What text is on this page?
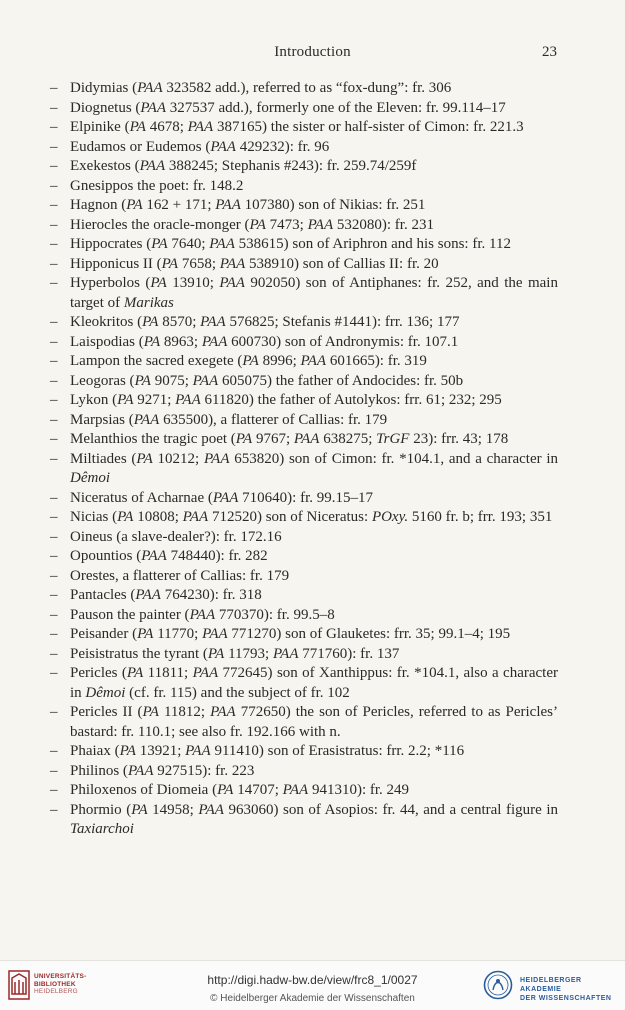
Introduction	23
– Didymias (PAA 323582 add.), referred to as “fox-dung”: fr. 306
– Diognetus (PAA 327537 add.), formerly one of the Eleven: fr. 99.114–17
– Elpinike (PA 4678; PAA 387165) the sister or half-sister of Cimon: fr. 221.3
– Eudamos or Eudemos (PAA 429232): fr. 96
– Exekestos (PAA 388245; Stephanis #243): fr. 259.74/259f
– Gnesippos the poet: fr. 148.2
– Hagnon (PA 162 + 171; PAA 107380) son of Nikias: fr. 251
– Hierocles the oracle-monger (PA 7473; PAA 532080): fr. 231
– Hippocrates (PA 7640; PAA 538615) son of Ariphron and his sons: fr. 112
– Hipponicus II (PA 7658; PAA 538910) son of Callias II: fr. 20
– Hyperbolos (PA 13910; PAA 902050) son of Antiphanes: fr. 252, and the main target of Marikas
– Kleokritos (PA 8570; PAA 576825; Stefanis #1441): frr. 136; 177
– Laispodias (PA 8963; PAA 600730) son of Andronymis: fr. 107.1
– Lampon the sacred exegete (PA 8996; PAA 601665): fr. 319
– Leogoras (PA 9075; PAA 605075) the father of Andocides: fr. 50b
– Lykon (PA 9271; PAA 611820) the father of Autolykos: frr. 61; 232; 295
– Marpsias (PAA 635500), a flatterer of Callias: fr. 179
– Melanthios the tragic poet (PA 9767; PAA 638275; TrGF 23): frr. 43; 178
– Miltiades (PA 10212; PAA 653820) son of Cimon: fr. *104.1, and a character in Dêmoi
– Niceratus of Acharnae (PAA 710640): fr. 99.15–17
– Nicias (PA 10808; PAA 712520) son of Niceratus: POxy. 5160 fr. b; frr. 193; 351
– Oineus (a slave-dealer?): fr. 172.16
– Opountios (PAA 748440): fr. 282
– Orestes, a flatterer of Callias: fr. 179
– Pantacles (PAA 764230): fr. 318
– Pauson the painter (PAA 770370): fr. 99.5–8
– Peisander (PA 11770; PAA 771270) son of Glauketes: frr. 35; 99.1–4; 195
– Peisistratus the tyrant (PA 11793; PAA 771760): fr. 137
– Pericles (PA 11811; PAA 772645) son of Xanthippus: fr. *104.1, also a character in Dêmoi (cf. fr. 115) and the subject of fr. 102
– Pericles II (PA 11812; PAA 772650) the son of Pericles, referred to as Pericles’ bastard: fr. 110.1; see also fr. 192.166 with n.
– Phaiax (PA 13921; PAA 911410) son of Erasistratus: frr. 2.2; *116
– Philinos (PAA 927515): fr. 223
– Philoxenos of Diomeia (PA 14707; PAA 941310): fr. 249
– Phormio (PA 14958; PAA 963060) son of Asopios: fr. 44, and a central figure in Taxiarchoi
UNIVERSITÄTS-
BIBLIOTHEK
HEIDELBERG
http://digi.hadw-bw.de/view/frc8_1/0027
© Heidelberger Akademie der Wissenschaften
HEIDELBERGER AKADEMIE
DER WISSENSCHAFTEN
